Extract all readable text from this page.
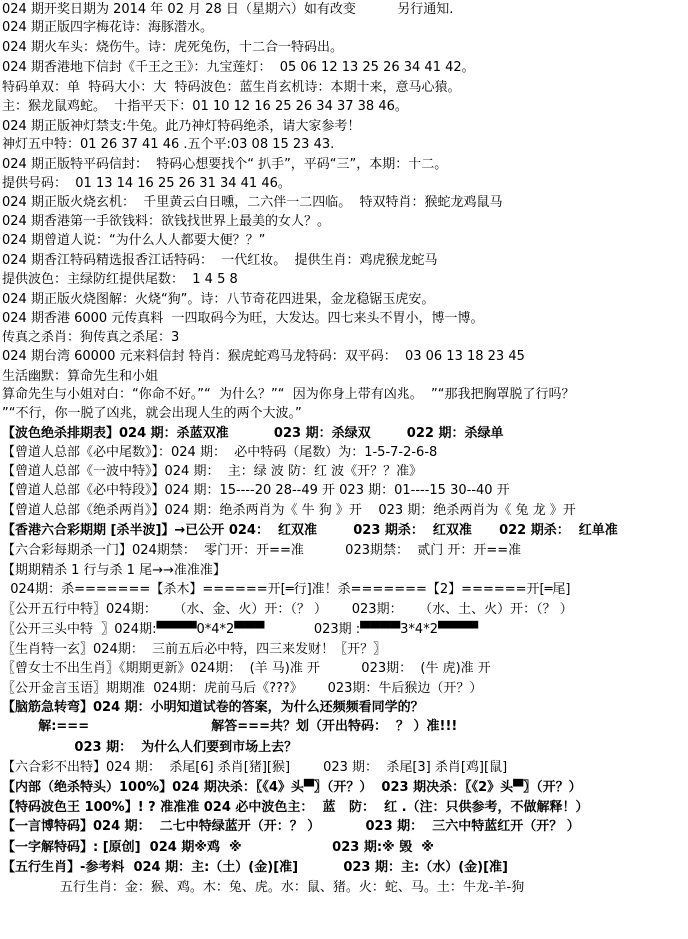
024 期开奖日期为 2014 年 02 月 28 日（星期六）如有改变          另行通知.
024 期正版四字梅花诗：海豚潜水。
024 期火车头：烧伤牛。诗：虎死兔伤，十二合一特码出。
024 期香港地下信封《千王之王》：九宝莲灯：  05 06 12 13 25 26 34 41 42。
特码单双：单  特码大小：大  特码波色：蓝生肖玄机诗：本期十来，意马心猿。
主：猴龙鼠鸡蛇。  十指平天下：01 10 12 16 25 26 34 37 38 46。
024 期正版神灯禁支:牛兔。此乃神灯特码绝杀，请大家参考！
神灯五中特：01 26 37 41 46 .五个平:03 08 15 23 43.
024 期正版特平码信封：  特码心想要找个“ 扒手”，平码“三”，本期：十二。
提供号码：  01 13 14 16 25 26 31 34 41 46。
024 期正版火烧玄机：  千里黄云白日曛，二六伴一二四临。  特双特肖：猴蛇龙鸡鼠马
024 期香港第一手欲钱料：欲钱找世界上最美的女人？。
024 期曾道人说：“为什么人人都要大便？？”
024 期香江特码精选报香江话特码：  一代红妆。  提供生肖：鸡虎猴龙蛇马
提供波色：主绿防红提供尾数：  1 4 5 8
024 期正版火烧图解：火烧“狗”。诗：八节奇花四进果，金龙稳锯玉虎安。
024 期香港 6000 元传真料  一四取码今为旺，大发达。四七来头不胃小，博一博。
传真之杀肖：狗传真之杀尾：3
024 期台湾 60000 元来料信封 特肖：猴虎蛇鸡马龙特码：双平码：  03 06 13 18 23 45
生活幽默：算命先生和小姐
算命先生与小姐对白：“你命不好。”“  为什么？”“  因为你身上带有凶兆。  ”“那我把胸罩脱了行吗？
”“不行，你一脱了凶兆，就会出现人生的两个大波。”
【波色绝杀排期表】024 期：杀蓝双准          023 期：杀绿双        022 期：杀绿单
【曾道人总部《必中尾数》】：024 期：  必中特码（尾数）为：1-5-7-2-6-8
【曾道人总部《一波中特》】024 期：  主：绿 波 防：红 波《开？？准》
【曾道人总部《必中特段》】024 期：15----20 28--49 开 023 期：01----15 30--40 开
【曾道人总部《绝杀两肖》】024 期：绝杀两肖为《 牛 狗 》开    023 期：绝杀两肖为《 兔 龙 》开
【香港六合彩期期 [杀半波]】→已公开 024：  红双准        023 期杀：  红双准      022 期杀：  红单准
【六合彩每期杀一门】024期禁：  零门开：开==准          023期禁：  贰门 开：开==准
【期期精杀 1 行与杀 1 尾→→准准准】
024期：杀=======【杀木】======开[═行]准！杀=======【2】======开[═尾]
〖公开五行中特〗024期：    （水、金、火）开：（？ ）      023期：    （水、土、火）开：（？ ）
〖公开三头中特  〗024期:▀▀▀▀0*4*2▀▀▀            023期 :▀▀▀▀3*4*2▀▀▀▀
〖生肖特一玄〗024期：  三前五后必中特，四三来发财！〖开？〗
〖曾女士不出生肖〗《期期更新》024期：  (羊 马)准 开          023期：  (牛 虎)准 开
〖公开金言玉语〗期期准  024期：虎前马后《???》      023期：牛后猴边（开？）
【脑筋急转弯】024 期：小明知道试卷的答案，为什么还频频看同学的？
解:===                           解答===共？划（开出特码：  ？ ）准!!!
023 期：  为什么人们要到市场上去？
【六合彩不出特】024 期：  杀尾[6] 杀肖[猪][猴]        023 期：  杀尾[3] 杀肖[鸡][鼠]
【内部（绝杀特头）100%】024 期决杀：〖《4》头▀〗（开？）  023 期决杀：〖《2》头▀〗（开？）
【特码波色王 100%】! ? 准准准 024 必中波色主：  蓝   防：  红 .（注：只供参考，不做解释！）
【一言博特码】024 期：  二七中特绿蓝开（开：？ ）          023 期：  三六中特蓝红开（开？ ）
【一字解特码】: [原创]  024 期※鸡  ※                    023 期:※ 毁  ※
【五行生肖】-参考料  024 期：主:（土）(金)[准]          023 期：主:（水）(金)[准]
五行生肖：金：猴、鸡。木：兔、虎。水：鼠、猪。火：蛇、马。土：牛龙-羊-狗
